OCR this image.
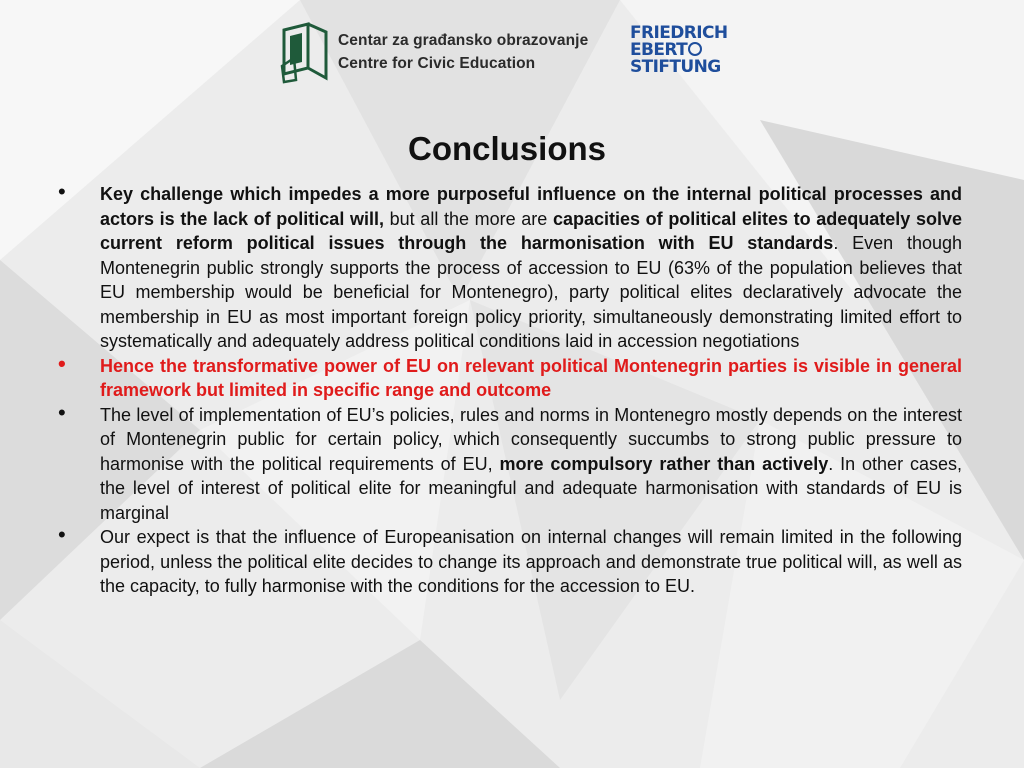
Centar za građansko obrazovanje
Centre for Civic Education
FRIEDRICH
EBERT
STIFTUNG
Conclusions
• Key challenge which impedes a more purposeful influence on the internal political processes and actors is the lack of political will, but all the more are capacities of political elites to adequately solve current reform political issues through the harmonisation with EU standards. Even though Montenegrin public strongly supports the process of accession to EU (63% of the population believes that EU membership would be beneficial for Montenegro), party political elites declaratively advocate the membership in EU as most important foreign policy priority, simultaneously demonstrating limited effort to systematically and adequately address political conditions laid in accession negotiations
• Hence the transformative power of EU on relevant political Montenegrin parties is visible in general framework but limited in specific range and outcome
• The level of implementation of EU’s policies, rules and norms in Montenegro mostly depends on the interest of Montenegrin public for certain policy, which consequently succumbs to strong public pressure to harmonise with the political requirements of EU, more compulsory rather than actively. In other cases, the level of interest of political elite for meaningful and adequate harmonisation with standards of EU is marginal
• Our expect is that the influence of Europeanisation on internal changes will remain limited in the following period, unless the political elite decides to change its approach and demonstrate true political will, as well as the capacity, to fully harmonise with the conditions for the accession to EU.
